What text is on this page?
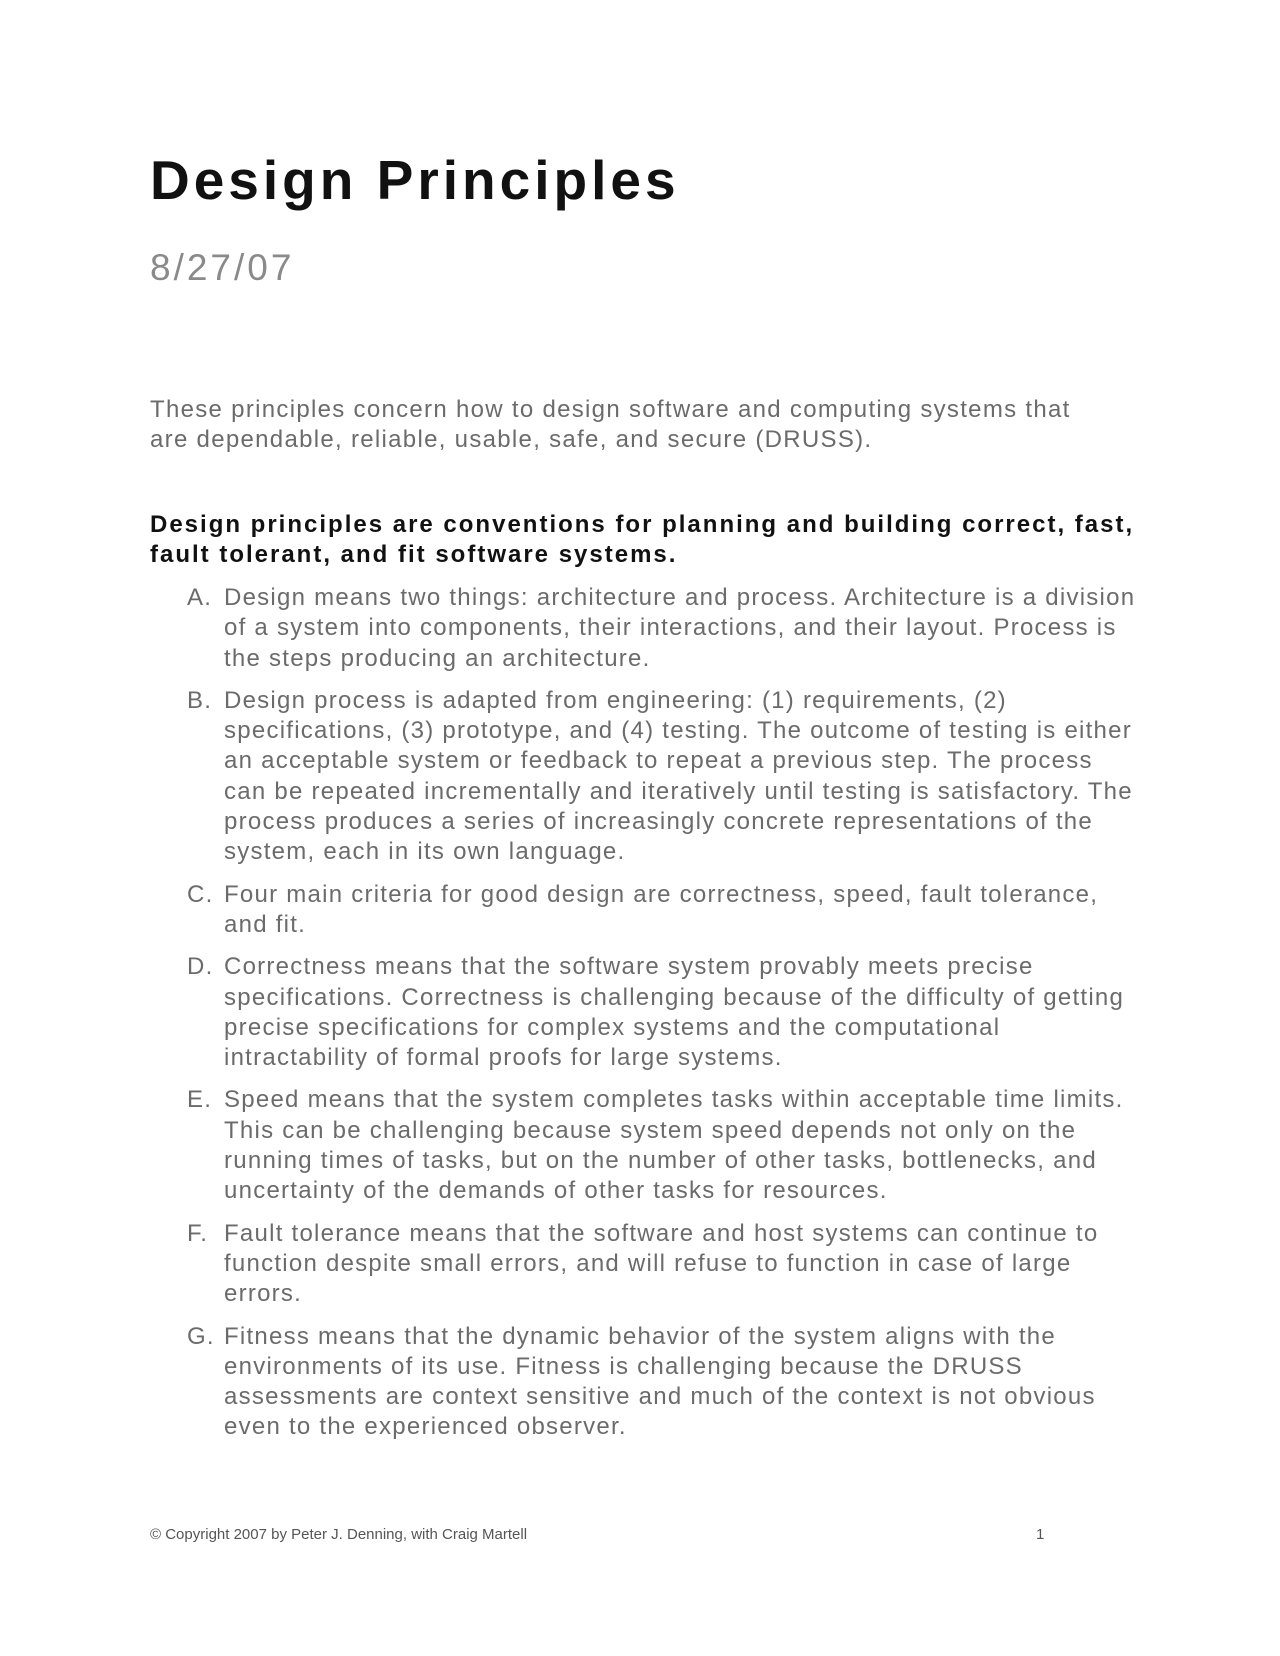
Design Principles

8/27/07

These principles concern how to design software and computing systems that are dependable, reliable, usable, safe, and secure (DRUSS).

Design principles are conventions for planning and building correct, fast, fault tolerant, and fit software systems.

A. Design means two things: architecture and process. Architecture is a division of a system into components, their interactions, and their layout. Process is the steps producing an architecture.
B. Design process is adapted from engineering: (1) requirements, (2) specifications, (3) prototype, and (4) testing. The outcome of testing is either an acceptable system or feedback to repeat a previous step. The process can be repeated incrementally and iteratively until testing is satisfactory. The process produces a series of increasingly concrete representations of the system, each in its own language.
C. Four main criteria for good design are correctness, speed, fault tolerance, and fit.
D. Correctness means that the software system provably meets precise specifications. Correctness is challenging because of the difficulty of getting precise specifications for complex systems and the computational intractability of formal proofs for large systems.
E. Speed means that the system completes tasks within acceptable time limits. This can be challenging because system speed depends not only on the running times of tasks, but on the number of other tasks, bottlenecks, and uncertainty of the demands of other tasks for resources.
F. Fault tolerance means that the software and host systems can continue to function despite small errors, and will refuse to function in case of large errors.
G. Fitness means that the dynamic behavior of the system aligns with the environments of its use. Fitness is challenging because the DRUSS assessments are context sensitive and much of the context is not obvious even to the experienced observer.
© Copyright 2007 by Peter J. Denning, with Craig Martell	1
